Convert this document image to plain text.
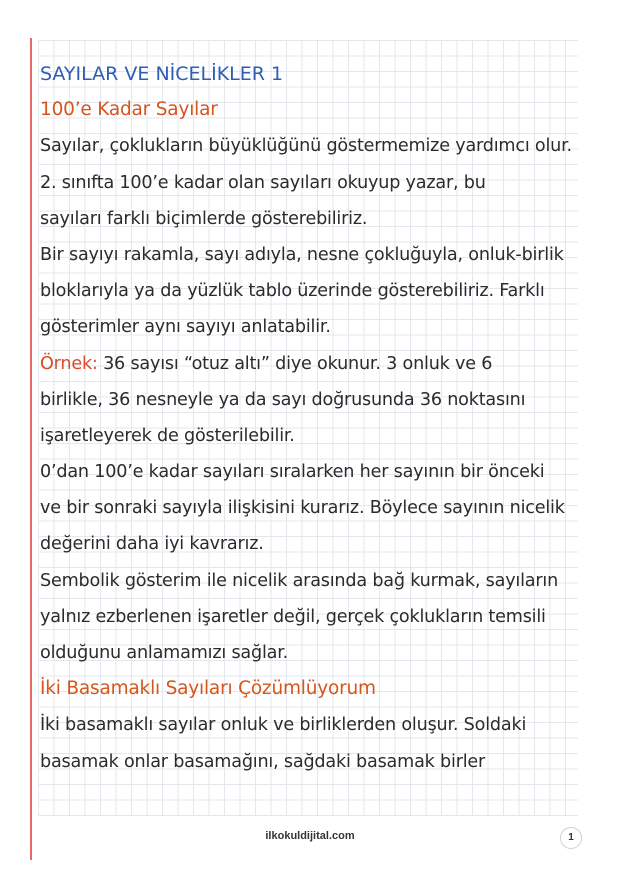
SAYILAR VE NİCELİKLER 1
100’e Kadar Sayılar
Sayılar, çoklukların büyüklüğünü göstermemize yardımcı olur.
2. sınıfta 100’e kadar olan sayıları okuyup yazar, bu
sayıları farklı biçimlerde gösterebiliriz.
Bir sayıyı rakamla, sayı adıyla, nesne çokluğuyla, onluk-birlik
bloklarıyla ya da yüzlük tablo üzerinde gösterebiliriz. Farklı
gösterimler aynı sayıyı anlatabilir.
Örnek: 36 sayısı “otuz altı” diye okunur. 3 onluk ve 6
birlikle, 36 nesneyle ya da sayı doğrusunda 36 noktasını
işaretleyerek de gösterilebilir.
0’dan 100’e kadar sayıları sıralarken her sayının bir önceki
ve bir sonraki sayıyla ilişkisini kurarız. Böylece sayının nicelik
değerini daha iyi kavrarız.
Sembolik gösterim ile nicelik arasında bağ kurmak, sayıların
yalnız ezberlenen işaretler değil, gerçek çoklukların temsili
olduğunu anlamamızı sağlar.
İki Basamaklı Sayıları Çözümlüyorum
İki basamaklı sayılar onluk ve birliklerden oluşur. Soldaki
basamak onlar basamağını, sağdaki basamak birler
ilkokuldijital.com	1
